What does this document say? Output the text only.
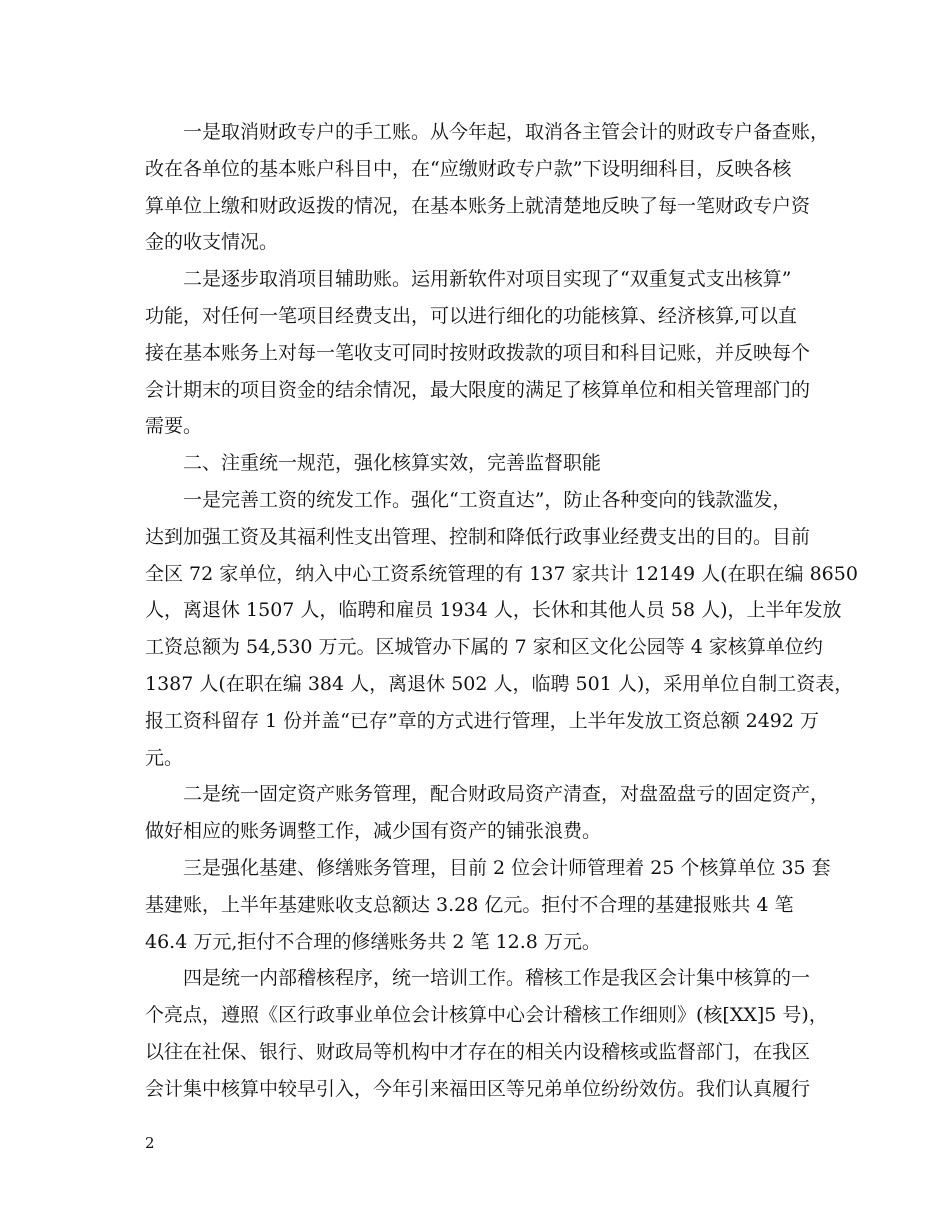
一是取消财政专户的手工账。从今年起，取消各主管会计的财政专户备查账，
改在各单位的基本账户科目中，在“应缴财政专户款”下设明细科目，反映各核
算单位上缴和财政返拨的情况，在基本账务上就清楚地反映了每一笔财政专户资
金的收支情况。
二是逐步取消项目辅助账。运用新软件对项目实现了“双重复式支出核算”
功能，对任何一笔项目经费支出，可以进行细化的功能核算、经济核算,可以直
接在基本账务上对每一笔收支可同时按财政拨款的项目和科目记账，并反映每个
会计期末的项目资金的结余情况，最大限度的满足了核算单位和相关管理部门的
需要。
二、注重统一规范，强化核算实效，完善监督职能
一是完善工资的统发工作。强化“工资直达”，防止各种变向的钱款滥发，
达到加强工资及其福利性支出管理、控制和降低行政事业经费支出的目的。目前
全区 72 家单位，纳入中心工资系统管理的有 137 家共计 12149 人(在职在编 8650
人，离退休 1507 人，临聘和雇员 1934 人，长休和其他人员 58 人)，上半年发放
工资总额为 54,530 万元。区城管办下属的 7 家和区文化公园等 4 家核算单位约
1387 人(在职在编 384 人，离退休 502 人，临聘 501 人)，采用单位自制工资表，
报工资科留存 1 份并盖“已存”章的方式进行管理，上半年发放工资总额 2492 万
元。
二是统一固定资产账务管理，配合财政局资产清查，对盘盈盘亏的固定资产，
做好相应的账务调整工作，减少国有资产的铺张浪费。
三是强化基建、修缮账务管理，目前 2 位会计师管理着 25 个核算单位 35 套
基建账，上半年基建账收支总额达 3.28 亿元。拒付不合理的基建报账共 4 笔
46.4 万元,拒付不合理的修缮账务共 2 笔 12.8 万元。
四是统一内部稽核程序，统一培训工作。稽核工作是我区会计集中核算的一
个亮点，遵照《区行政事业单位会计核算中心会计稽核工作细则》(核[XX]5 号)，
以往在社保、银行、财政局等机构中才存在的相关内设稽核或监督部门，在我区
会计集中核算中较早引入，今年引来福田区等兄弟单位纷纷效仿。我们认真履行
2
